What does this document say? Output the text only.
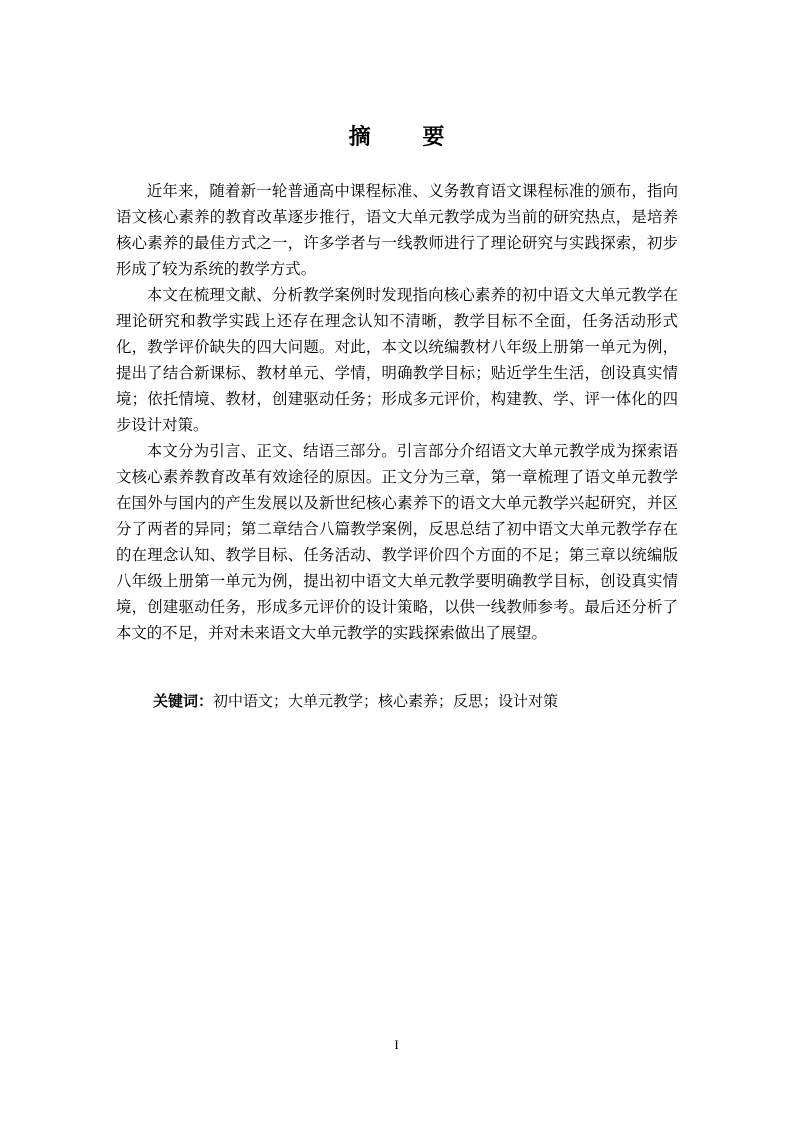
摘 要

近年来，随着新一轮普通高中课程标准、义务教育语文课程标准的颁布，指向语文核心素养的教育改革逐步推行，语文大单元教学成为当前的研究热点，是培养核心素养的最佳方式之一，许多学者与一线教师进行了理论研究与实践探索，初步形成了较为系统的教学方式。

本文在梳理文献、分析教学案例时发现指向核心素养的初中语文大单元教学在理论研究和教学实践上还存在理念认知不清晰，教学目标不全面，任务活动形式化，教学评价缺失的四大问题。对此，本文以统编教材八年级上册第一单元为例，提出了结合新课标、教材单元、学情，明确教学目标；贴近学生生活，创设真实情境；依托情境、教材，创建驱动任务；形成多元评价，构建教、学、评一体化的四步设计对策。

本文分为引言、正文、结语三部分。引言部分介绍语文大单元教学成为探索语文核心素养教育改革有效途径的原因。正文分为三章，第一章梳理了语文单元教学在国外与国内的产生发展以及新世纪核心素养下的语文大单元教学兴起研究，并区分了两者的异同；第二章结合八篇教学案例，反思总结了初中语文大单元教学存在的在理念认知、教学目标、任务活动、教学评价四个方面的不足；第三章以统编版八年级上册第一单元为例，提出初中语文大单元教学要明确教学目标，创设真实情境，创建驱动任务，形成多元评价的设计策略，以供一线教师参考。最后还分析了本文的不足，并对未来语文大单元教学的实践探索做出了展望。

关键词：初中语文；大单元教学；核心素养；反思；设计对策
I
